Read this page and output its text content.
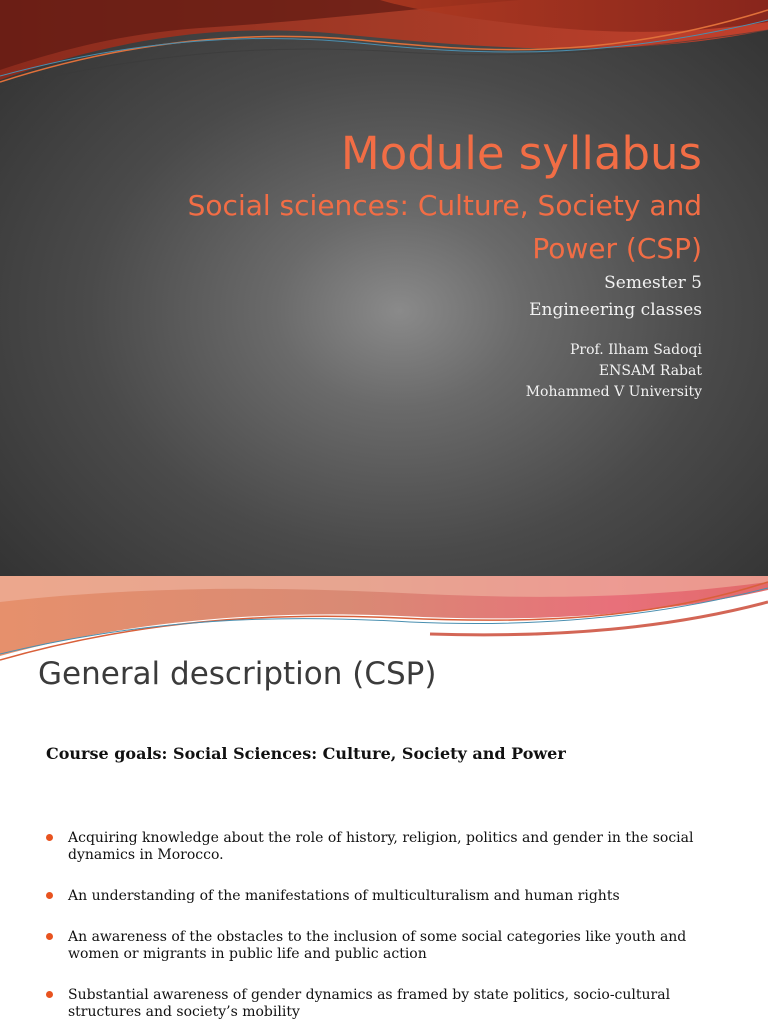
Module syllabus

Social sciences: Culture, Society and

Power (CSP)

Semester 5

Engineering classes

Prof. Ilham Sadoqi

ENSAM Rabat

Mohammed V University

General description (CSP)

Course goals: Social Sciences: Culture, Society and Power

Acquiring knowledge about the role of history, religion, politics and gender in the social
dynamics in Morocco.
An understanding of the manifestations of multiculturalism and human rights
An awareness of the obstacles to the inclusion of some social categories like youth and
women or migrants in public life and public action
Substantial awareness of gender dynamics as framed by state politics, socio-cultural
structures and society’s mobility
